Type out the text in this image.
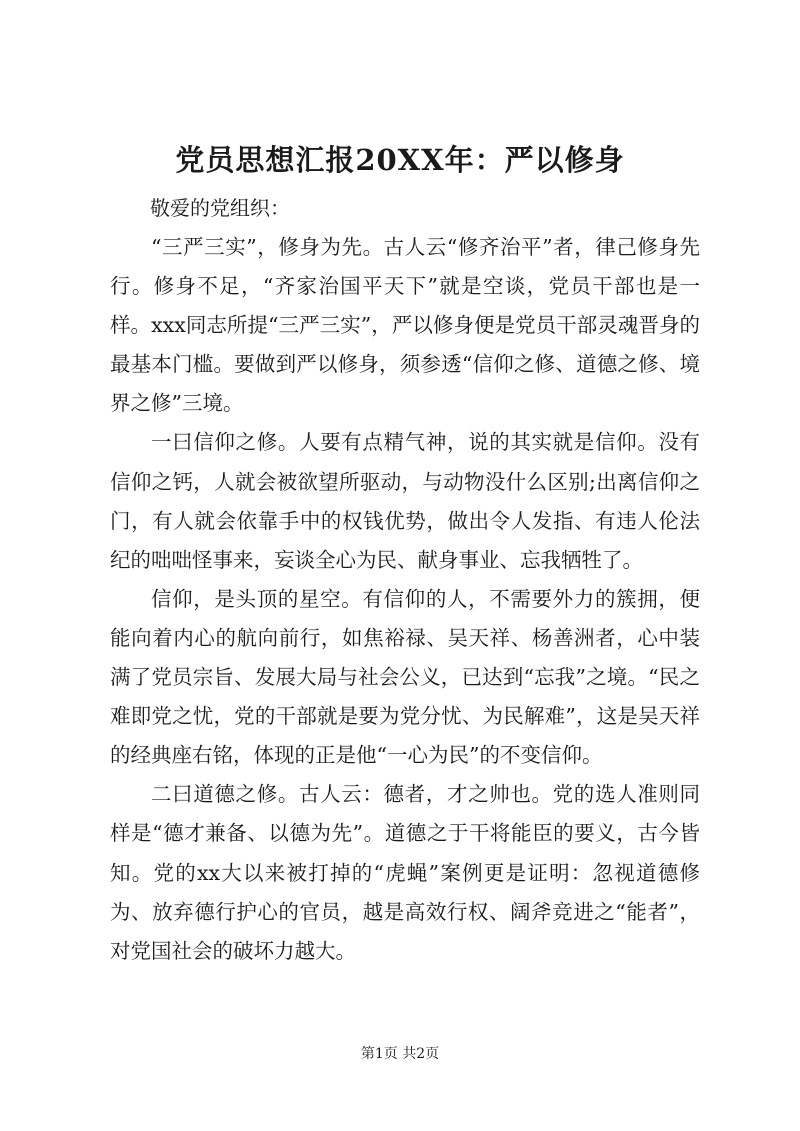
党员思想汇报20XX年：严以修身
敬爱的党组织：

“三严三实”，修身为先。古人云“修齐治平”者，律己修身先行。修身不足，“齐家治国平天下”就是空谈，党员干部也是一样。xxx同志所提“三严三实”，严以修身便是党员干部灵魂晋身的最基本门槛。要做到严以修身，须参透“信仰之修、道德之修、境界之修”三境。

一曰信仰之修。人要有点精气神，说的其实就是信仰。没有信仰之钙，人就会被欲望所驱动，与动物没什么区别;出离信仰之门，有人就会依靠手中的权钱优势，做出令人发指、有违人伦法纪的咄咄怪事来，妄谈全心为民、献身事业、忘我牺牲了。

信仰，是头顶的星空。有信仰的人，不需要外力的簇拥，便能向着内心的航向前行，如焦裕禄、吴天祥、杨善洲者，心中装满了党员宗旨、发展大局与社会公义，已达到“忘我”之境。“民之难即党之忧，党的干部就是要为党分忧、为民解难”，这是吴天祥的经典座右铭，体现的正是他“一心为民”的不变信仰。

二曰道德之修。古人云：德者，才之帅也。党的选人准则同样是“德才兼备、以德为先”。道德之于干将能臣的要义，古今皆知。党的xx大以来被打掉的“虎蝇”案例更是证明：忽视道德修为、放弃德行护心的官员，越是高效行权、阔斧竞进之“能者”，对党国社会的破坏力越大。

第1页 共2页
